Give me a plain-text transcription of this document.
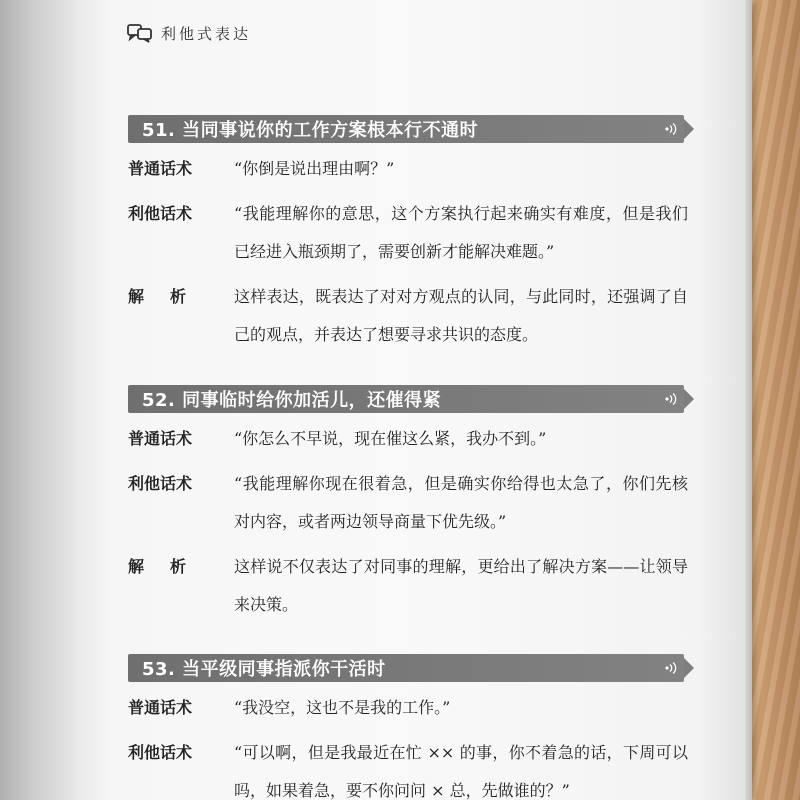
利他式表达
51. 当同事说你的工作方案根本行不通时
普通话术	“你倒是说出理由啊？”
利他话术	“我能理解你的意思，这个方案执行起来确实有难度，但是我们已经进入瓶颈期了，需要创新才能解决难题。”
解析	这样表达，既表达了对对方观点的认同，与此同时，还强调了自己的观点，并表达了想要寻求共识的态度。
52. 同事临时给你加活儿，还催得紧
普通话术	“你怎么不早说，现在催这么紧，我办不到。”
利他话术	“我能理解你现在很着急，但是确实你给得也太急了，你们先核对内容，或者两边领导商量下优先级。”
解析	这样说不仅表达了对同事的理解，更给出了解决方案——让领导来决策。
53. 当平级同事指派你干活时
普通话术	“我没空，这也不是我的工作。”
利他话术	“可以啊，但是我最近在忙 ×× 的事，你不着急的话，下周可以吗，如果着急，要不你问问 × 总，先做谁的？”
